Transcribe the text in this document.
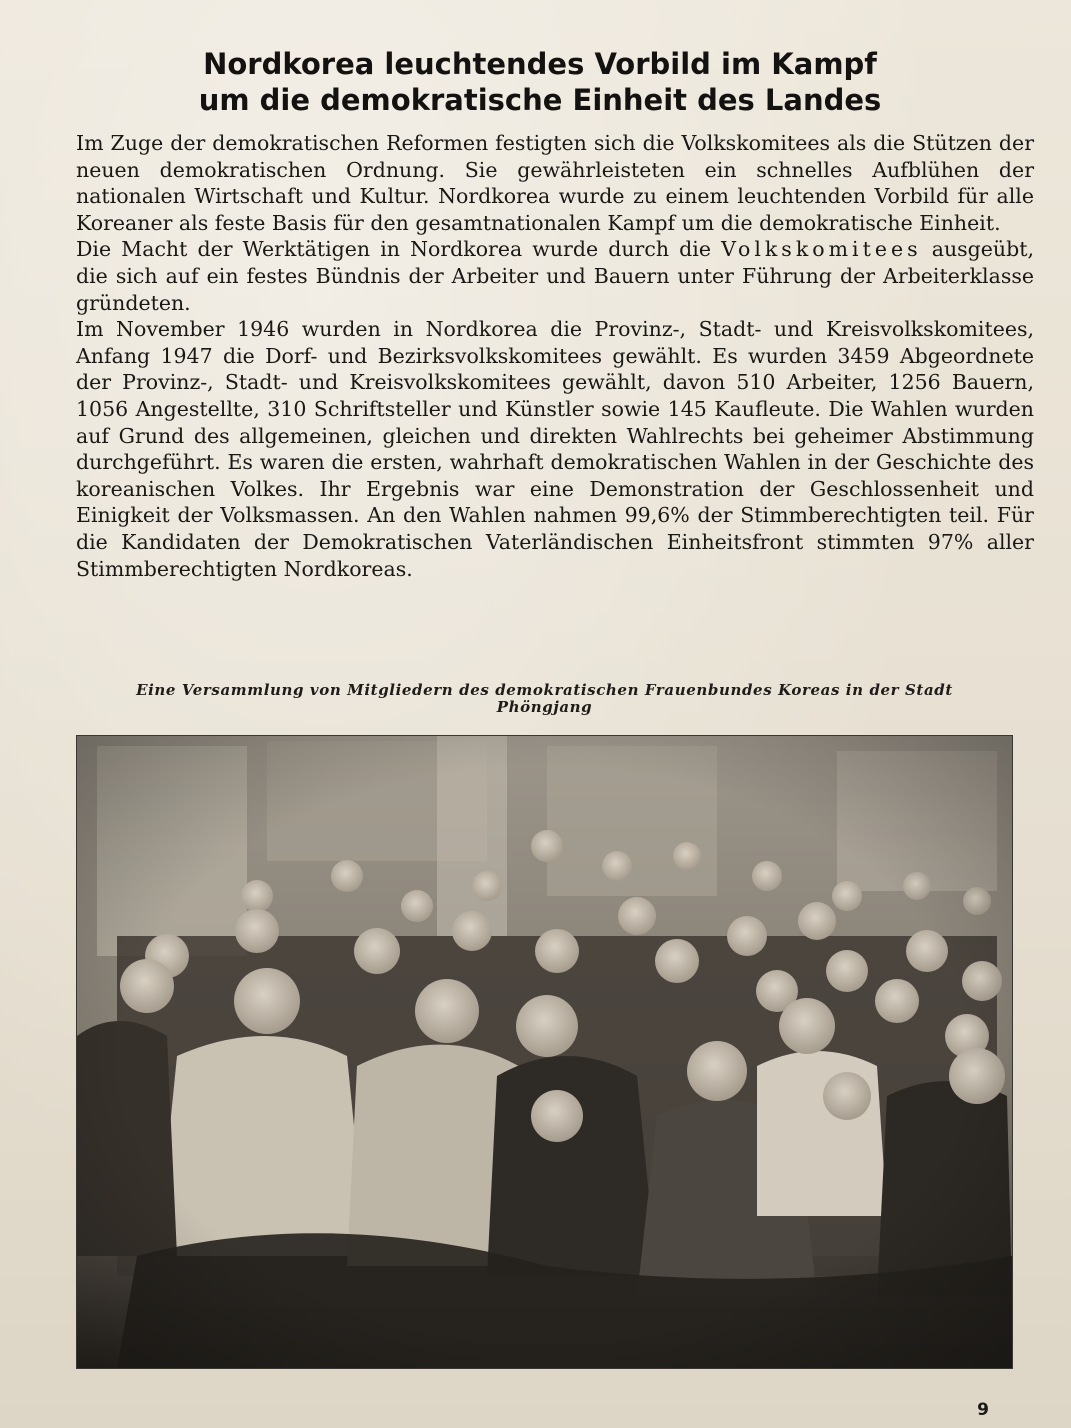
Nordkorea leuchtendes Vorbild im Kampf
um die demokratische Einheit des Landes

Im Zuge der demokratischen Reformen festigten sich die Volkskomitees als die Stützen der neuen demokratischen Ordnung. Sie gewährleisteten ein schnelles Aufblühen der nationalen Wirtschaft und Kultur. Nordkorea wurde zu einem leuchtenden Vorbild für alle Koreaner als feste Basis für den gesamtnationalen Kampf um die demokratische Einheit.

Die Macht der Werktätigen in Nordkorea wurde durch die Volkskomitees ausgeübt, die sich auf ein festes Bündnis der Arbeiter und Bauern unter Führung der Arbeiterklasse gründeten.

Im November 1946 wurden in Nordkorea die Provinz-, Stadt- und Kreisvolkskomitees, Anfang 1947 die Dorf- und Bezirksvolkskomitees gewählt. Es wurden 3459 Abgeordnete der Provinz-, Stadt- und Kreisvolkskomitees gewählt, davon 510 Arbeiter, 1256 Bauern, 1056 Angestellte, 310 Schriftsteller und Künstler sowie 145 Kaufleute. Die Wahlen wurden auf Grund des allgemeinen, gleichen und direkten Wahlrechts bei geheimer Abstimmung durchgeführt. Es waren die ersten, wahrhaft demokratischen Wahlen in der Geschichte des koreanischen Volkes. Ihr Ergebnis war eine Demonstration der Geschlossenheit und Einigkeit der Volksmassen. An den Wahlen nahmen 99,6% der Stimmberechtigten teil. Für die Kandidaten der Demokratischen Vaterländischen Einheitsfront stimmten 97% aller Stimmberechtigten Nordkoreas.

Eine Versammlung von Mitgliedern des demokratischen Frauenbundes Koreas in der Stadt
Phöngjang
9
